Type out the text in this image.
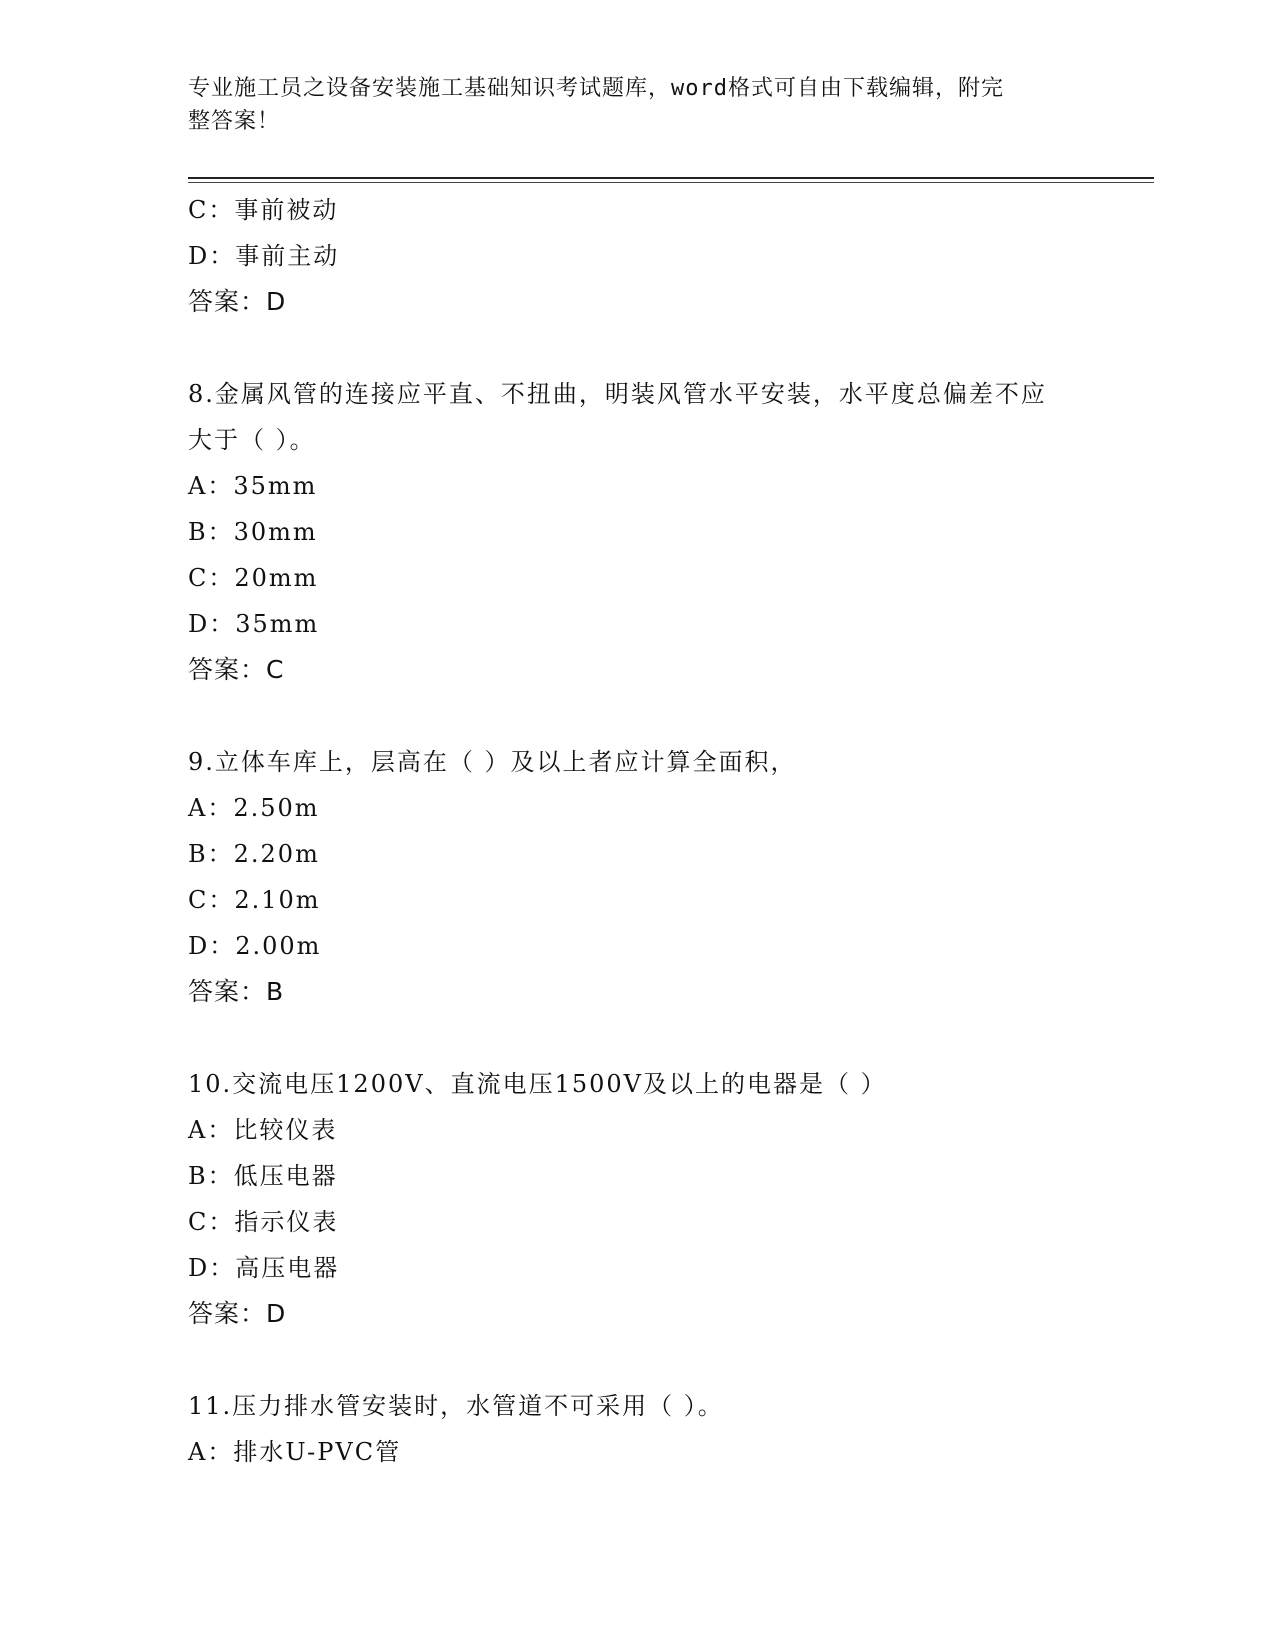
专业施工员之设备安装施工基础知识考试题库，word格式可自由下载编辑，附完
整答案！
C：事前被动
D：事前主动
答案：D
8.金属风管的连接应平直、不扭曲，明装风管水平安装，水平度总偏差不应大于（ ）。
A：35mm
B：30mm
C：20mm
D：35mm
答案：C
9.立体车库上，层高在（ ）及以上者应计算全面积，
A：2.50m
B：2.20m
C：2.10m
D：2.00m
答案：B
10.交流电压1200V、直流电压1500V及以上的电器是（ ）
A：比较仪表
B：低压电器
C：指示仪表
D：高压电器
答案：D
11.压力排水管安装时，水管道不可采用（ ）。
A：排水U-PVC管
